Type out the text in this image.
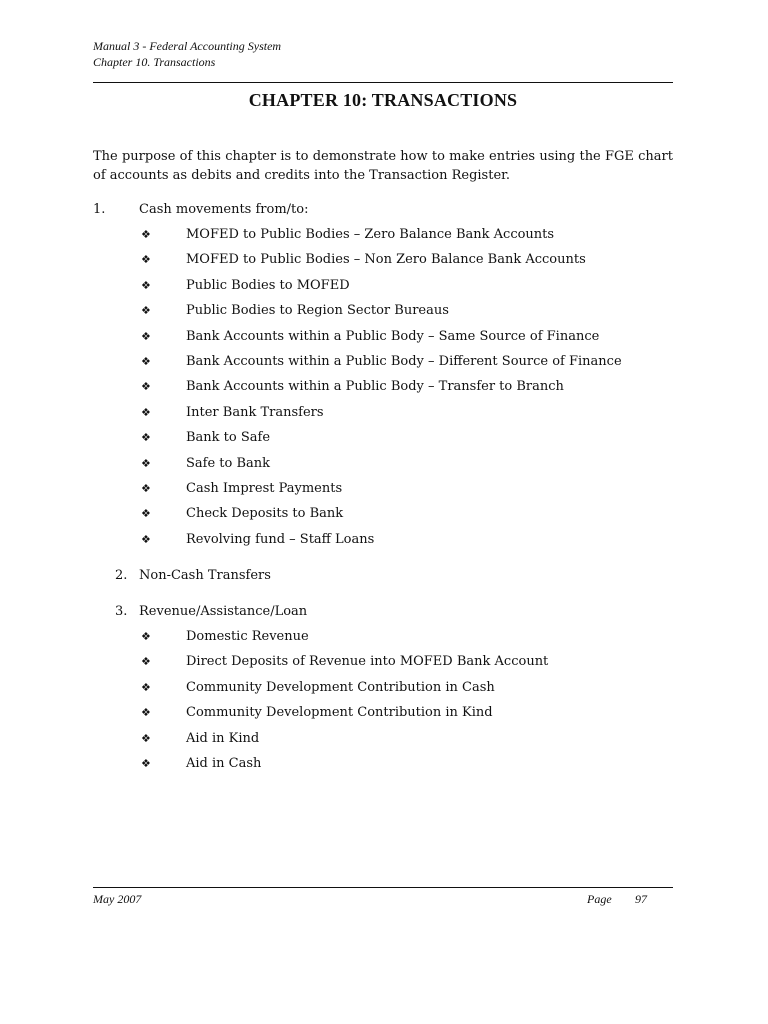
Manual 3 - Federal Accounting System
Chapter 10. Transactions
CHAPTER 10: TRANSACTIONS
The purpose of this chapter is to demonstrate how to make entries using the FGE chart of accounts as debits and credits into the Transaction Register.
1.	Cash movements from/to:
❖	MOFED to Public Bodies – Zero Balance Bank Accounts
❖	MOFED to Public Bodies – Non Zero Balance Bank Accounts
❖	Public Bodies to MOFED
❖	Public Bodies to Region Sector Bureaus
❖	Bank Accounts within a Public Body – Same Source of Finance
❖	Bank Accounts within a Public Body – Different Source of Finance
❖	Bank Accounts within a Public Body – Transfer to Branch
❖	Inter Bank Transfers
❖	Bank to Safe
❖	Safe to Bank
❖	Cash Imprest Payments
❖	Check Deposits to Bank
❖	Revolving fund – Staff Loans
2. Non-Cash Transfers
3. Revenue/Assistance/Loan
❖	Domestic Revenue
❖	Direct Deposits of Revenue into MOFED Bank Account
❖	Community Development Contribution in Cash
❖	Community Development Contribution in Kind
❖	Aid in Kind
❖	Aid in Cash
May 2007	Page 97
